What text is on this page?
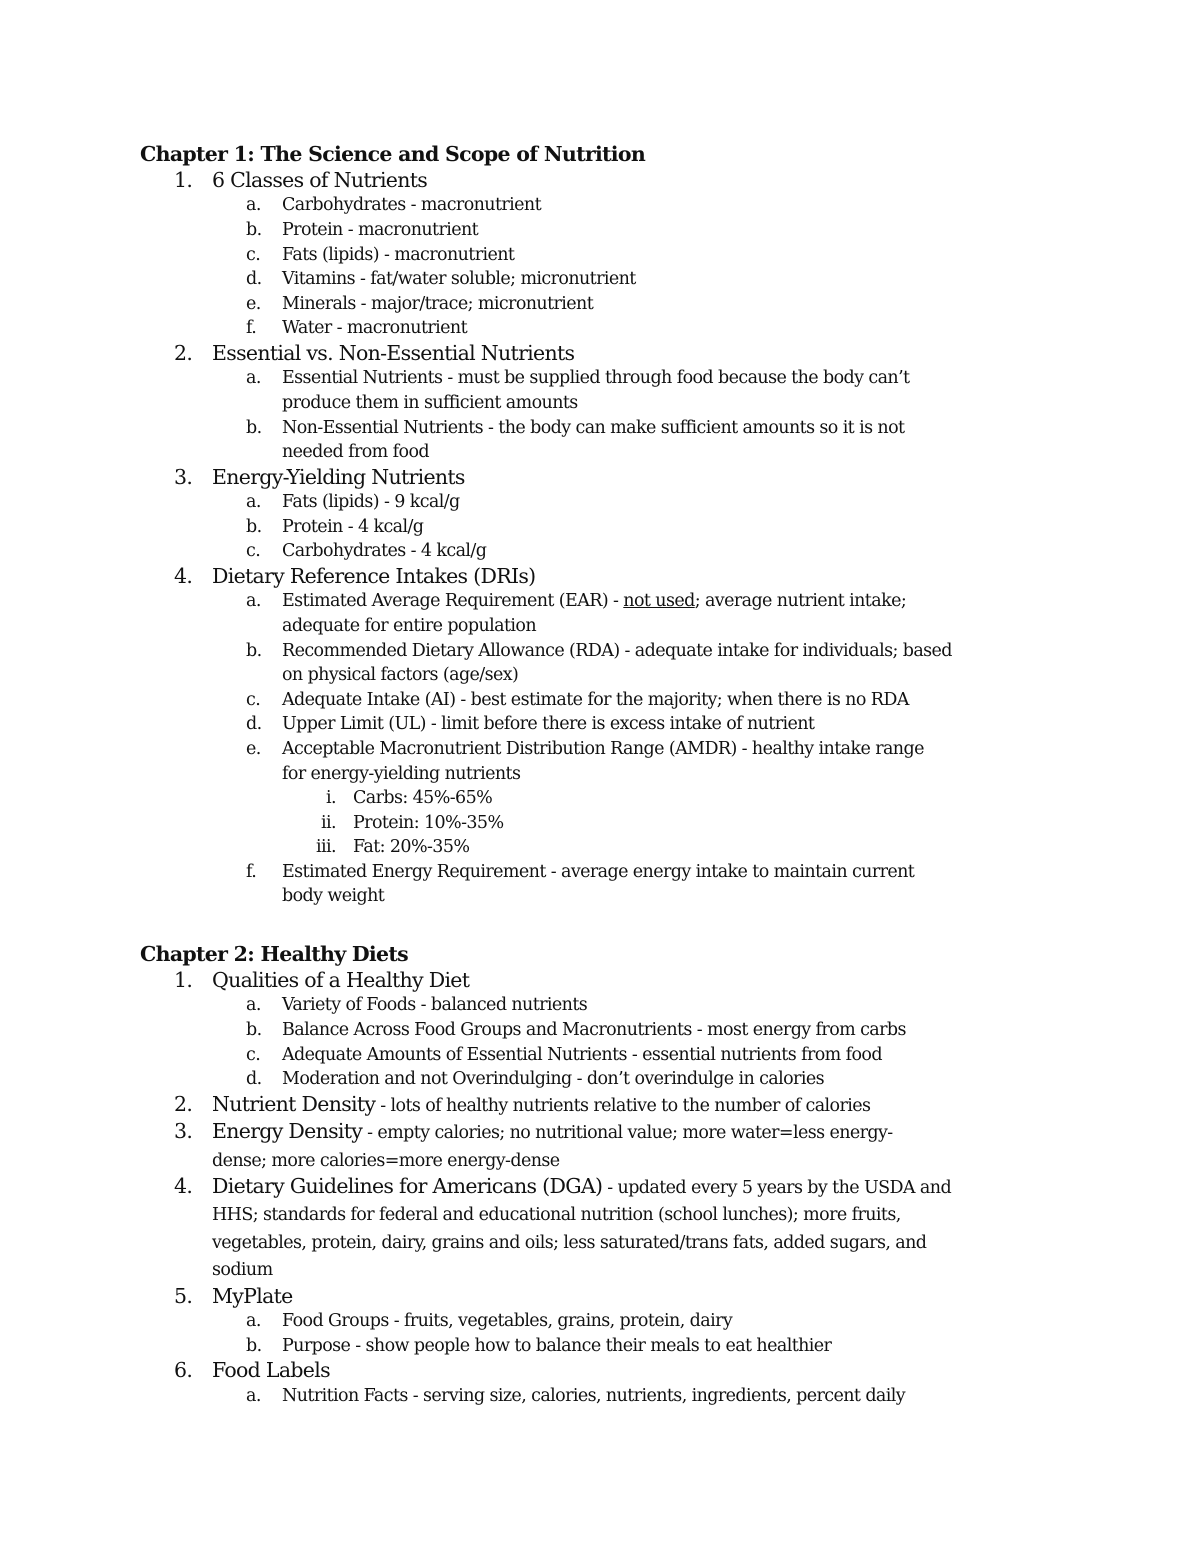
Chapter 1: The Science and Scope of Nutrition
1. 6 Classes of Nutrients
a.	Carbohydrates - macronutrient
b.	Protein - macronutrient
c.	Fats (lipids) - macronutrient
d.	Vitamins - fat/water soluble; micronutrient
e.	Minerals - major/trace; micronutrient
f.	Water - macronutrient
2. Essential vs. Non-Essential Nutrients
a.	Essential Nutrients - must be supplied through food because the body can’t
produce them in sufficient amounts
b.	Non-Essential Nutrients - the body can make sufficient amounts so it is not
needed from food
3. Energy-Yielding Nutrients
a.	Fats (lipids) - 9 kcal/g
b.	Protein - 4 kcal/g
c.	Carbohydrates - 4 kcal/g
4. Dietary Reference Intakes (DRIs)
a.	Estimated Average Requirement (EAR) - not used; average nutrient intake;
adequate for entire population
b.	Recommended Dietary Allowance (RDA) - adequate intake for individuals; based
on physical factors (age/sex)
c.	Adequate Intake (AI) - best estimate for the majority; when there is no RDA
d.	Upper Limit (UL) - limit before there is excess intake of nutrient
e.	Acceptable Macronutrient Distribution Range (AMDR) - healthy intake range
for energy-yielding nutrients
i. Carbs: 45%-65%
ii. Protein: 10%-35%
iii. Fat: 20%-35%
f.	Estimated Energy Requirement - average energy intake to maintain current
body weight
Chapter 2: Healthy Diets
1. Qualities of a Healthy Diet
a.	Variety of Foods - balanced nutrients
b.	Balance Across Food Groups and Macronutrients - most energy from carbs
c.	Adequate Amounts of Essential Nutrients - essential nutrients from food
d.	Moderation and not Overindulging - don’t overindulge in calories
2. Nutrient Density - lots of healthy nutrients relative to the number of calories
3. Energy Density - empty calories; no nutritional value; more water=less energy-
dense; more calories=more energy-dense
4. Dietary Guidelines for Americans (DGA) - updated every 5 years by the USDA and
HHS; standards for federal and educational nutrition (school lunches); more fruits,
vegetables, protein, dairy, grains and oils; less saturated/trans fats, added sugars, and
sodium
5. MyPlate
a.	Food Groups - fruits, vegetables, grains, protein, dairy
b.	Purpose - show people how to balance their meals to eat healthier
6. Food Labels
a.	Nutrition Facts - serving size, calories, nutrients, ingredients, percent daily
